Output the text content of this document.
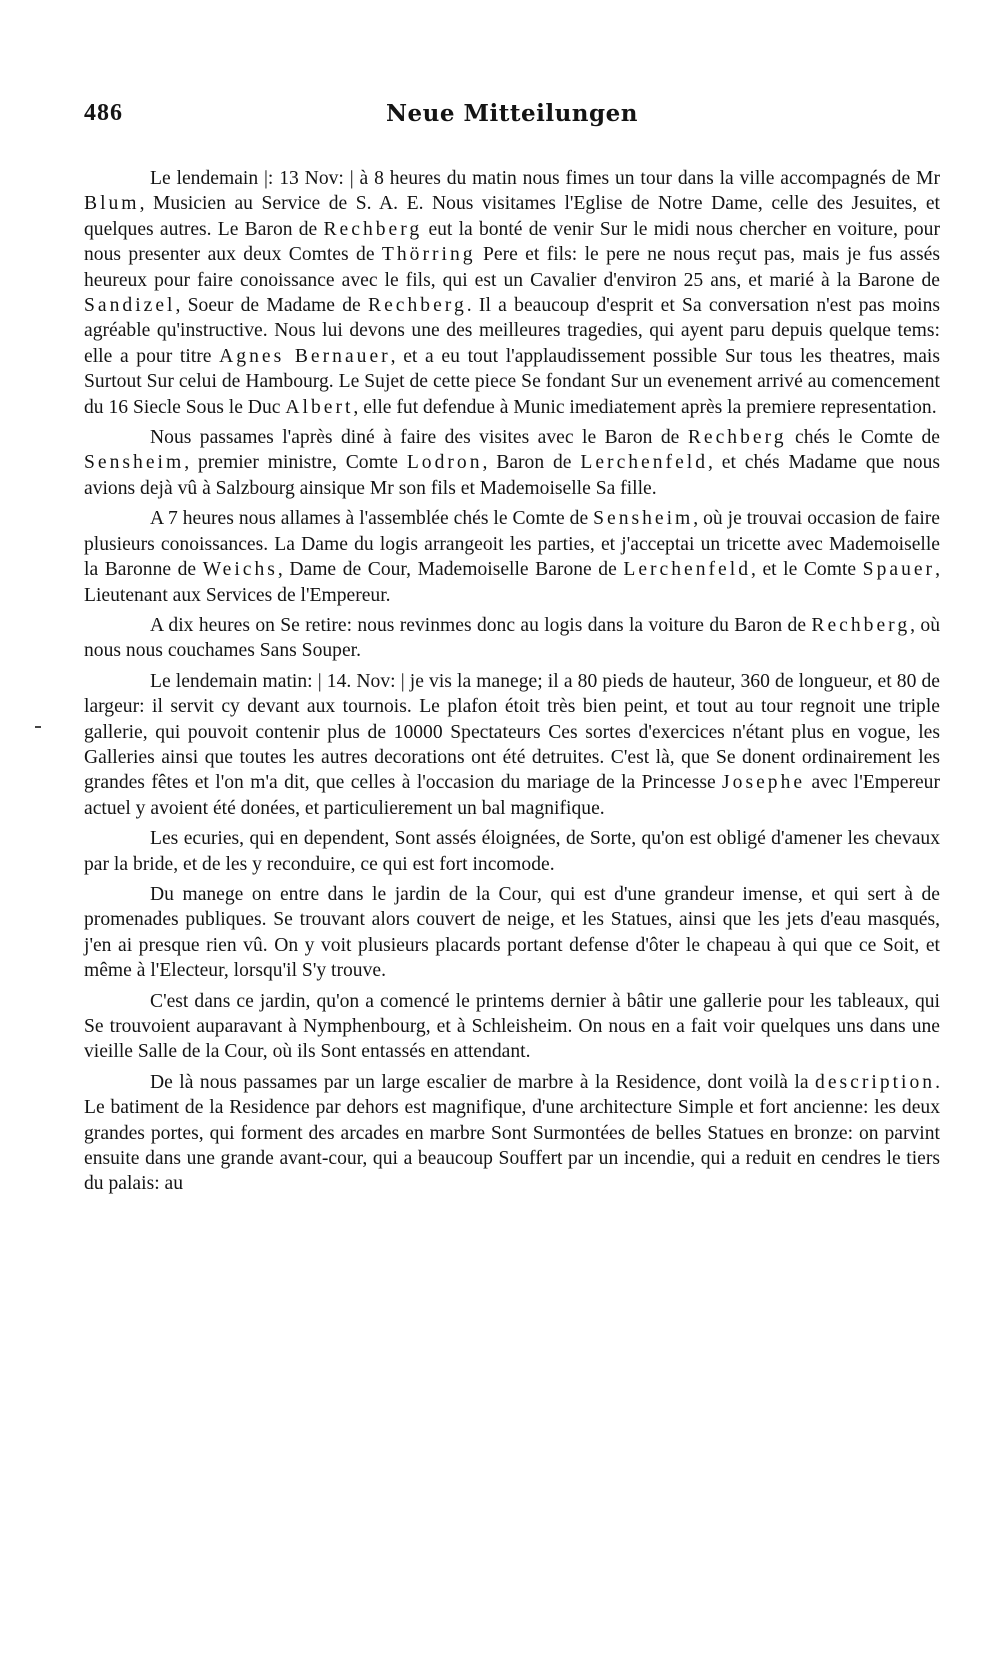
486	Neue Mitteilungen

Le lendemain |: 13 Nov: | à 8 heures du matin nous fimes un tour dans la ville accompagnés de Mr Blum, Musicien au Service de S. A. E. Nous visitames l'Eglise de Notre Dame, celle des Jesuites, et quelques autres. Le Baron de Rechberg eut la bonté de venir Sur le midi nous chercher en voiture, pour nous presenter aux deux Comtes de Thörring Pere et fils: le pere ne nous reçut pas, mais je fus assés heureux pour faire conoissance avec le fils, qui est un Cavalier d'environ 25 ans, et marié à la Barone de Sandizel, Soeur de Madame de Rechberg. Il a beaucoup d'esprit et Sa conversation n'est pas moins agréable qu'instructive. Nous lui devons une des meilleures tragedies, qui ayent paru depuis quelque tems: elle a pour titre Agnes Bernauer, et a eu tout l'applaudissement possible Sur tous les theatres, mais Surtout Sur celui de Hambourg. Le Sujet de cette piece Se fondant Sur un evenement arrivé au comencement du 16 Siecle Sous le Duc Albert, elle fut defendue à Munic imediatement après la premiere representation.

Nous passames l'après diné à faire des visites avec le Baron de Rechberg chés le Comte de Sensheim, premier ministre, Comte Lodron, Baron de Lerchenfeld, et chés Madame que nous avions dejà vû à Salzbourg ainsique Mr son fils et Mademoiselle Sa fille.

A 7 heures nous allames à l'assemblée chés le Comte de Sensheim, où je trouvai occasion de faire plusieurs conoissances. La Dame du logis arrangeoit les parties, et j'acceptai un tricette avec Mademoiselle la Baronne de Weichs, Dame de Cour, Mademoiselle Barone de Lerchenfeld, et le Comte Spauer, Lieutenant aux Services de l'Empereur.

A dix heures on Se retire: nous revinmes donc au logis dans la voiture du Baron de Rechberg, où nous nous couchames Sans Souper.

Le lendemain matin: | 14. Nov: | je vis la manege; il a 80 pieds de hauteur, 360 de longueur, et 80 de largeur: il servit cy devant aux tournois. Le plafon étoit très bien peint, et tout au tour regnoit une triple gallerie, qui pouvoit contenir plus de 10000 Spectateurs Ces sortes d'exercices n'étant plus en vogue, les Galleries ainsi que toutes les autres decorations ont été detruites. C'est là, que Se donent ordinairement les grandes fêtes et l'on m'a dit, que celles à l'occasion du mariage de la Princesse Josephe avec l'Empereur actuel y avoient été donées, et particulierement un bal magnifique.

Les ecuries, qui en dependent, Sont assés éloignées, de Sorte, qu'on est obligé d'amener les chevaux par la bride, et de les y reconduire, ce qui est fort incomode.

Du manege on entre dans le jardin de la Cour, qui est d'une grandeur imense, et qui sert à de promenades publiques. Se trouvant alors couvert de neige, et les Statues, ainsi que les jets d'eau masqués, j'en ai presque rien vû. On y voit plusieurs placards portant defense d'ôter le chapeau à qui que ce Soit, et même à l'Electeur, lorsqu'il S'y trouve.

C'est dans ce jardin, qu'on a comencé le printems dernier à bâtir une gallerie pour les tableaux, qui Se trouvoient auparavant à Nymphenbourg, et à Schleisheim. On nous en a fait voir quelques uns dans une vieille Salle de la Cour, où ils Sont entassés en attendant.

De là nous passames par un large escalier de marbre à la Residence, dont voilà la description. Le batiment de la Residence par dehors est magnifique, d'une architecture Simple et fort ancienne: les deux grandes portes, qui forment des arcades en marbre Sont Surmontées de belles Statues en bronze: on parvint ensuite dans une grande avant-cour, qui a beaucoup Souffert par un incendie, qui a reduit en cendres le tiers du palais: au
